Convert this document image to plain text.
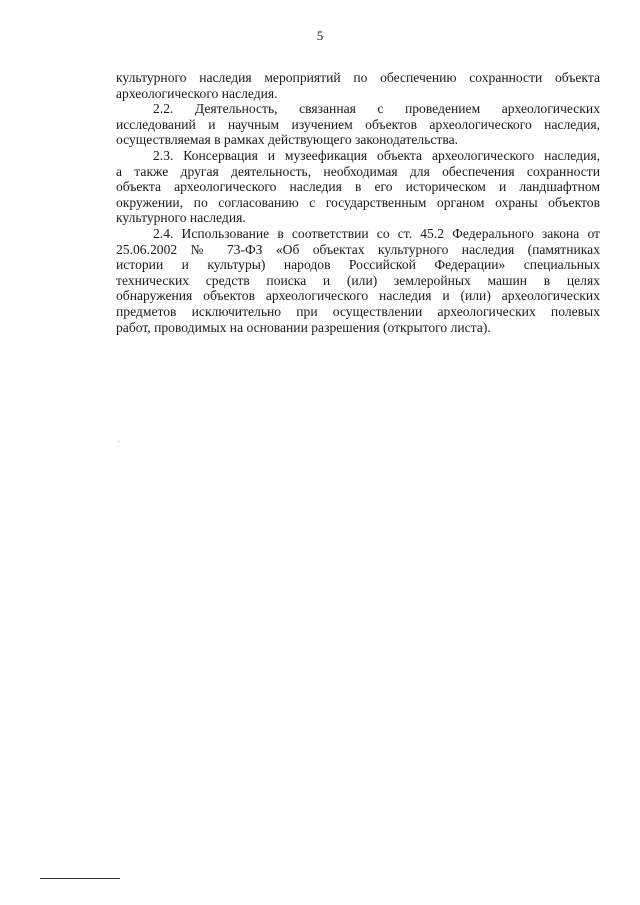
5
культурного наследия мероприятий по обеспечению сохранности объекта
археологического наследия.
2.2. Деятельность, связанная с проведением археологических
исследований и научным изучением объектов археологического наследия,
осуществляемая в рамках действующего законодательства.
2.3. Консервация и музеефикация объекта археологического наследия,
а также другая деятельность, необходимая для обеспечения сохранности
объекта археологического наследия в его историческом и ландшафтном
окружении, по согласованию с государственным органом охраны объектов
культурного наследия.
2.4. Использование в соответствии со ст. 45.2 Федерального закона от
25.06.2002 № 73-ФЗ «Об объектах культурного наследия (памятниках
истории и культуры) народов Российской Федерации» специальных
технических средств поиска и (или) землеройных машин в целях
обнаружения объектов археологического наследия и (или) археологических
предметов исключительно при осуществлении археологических полевых
работ, проводимых на основании разрешения (открытого листа).
